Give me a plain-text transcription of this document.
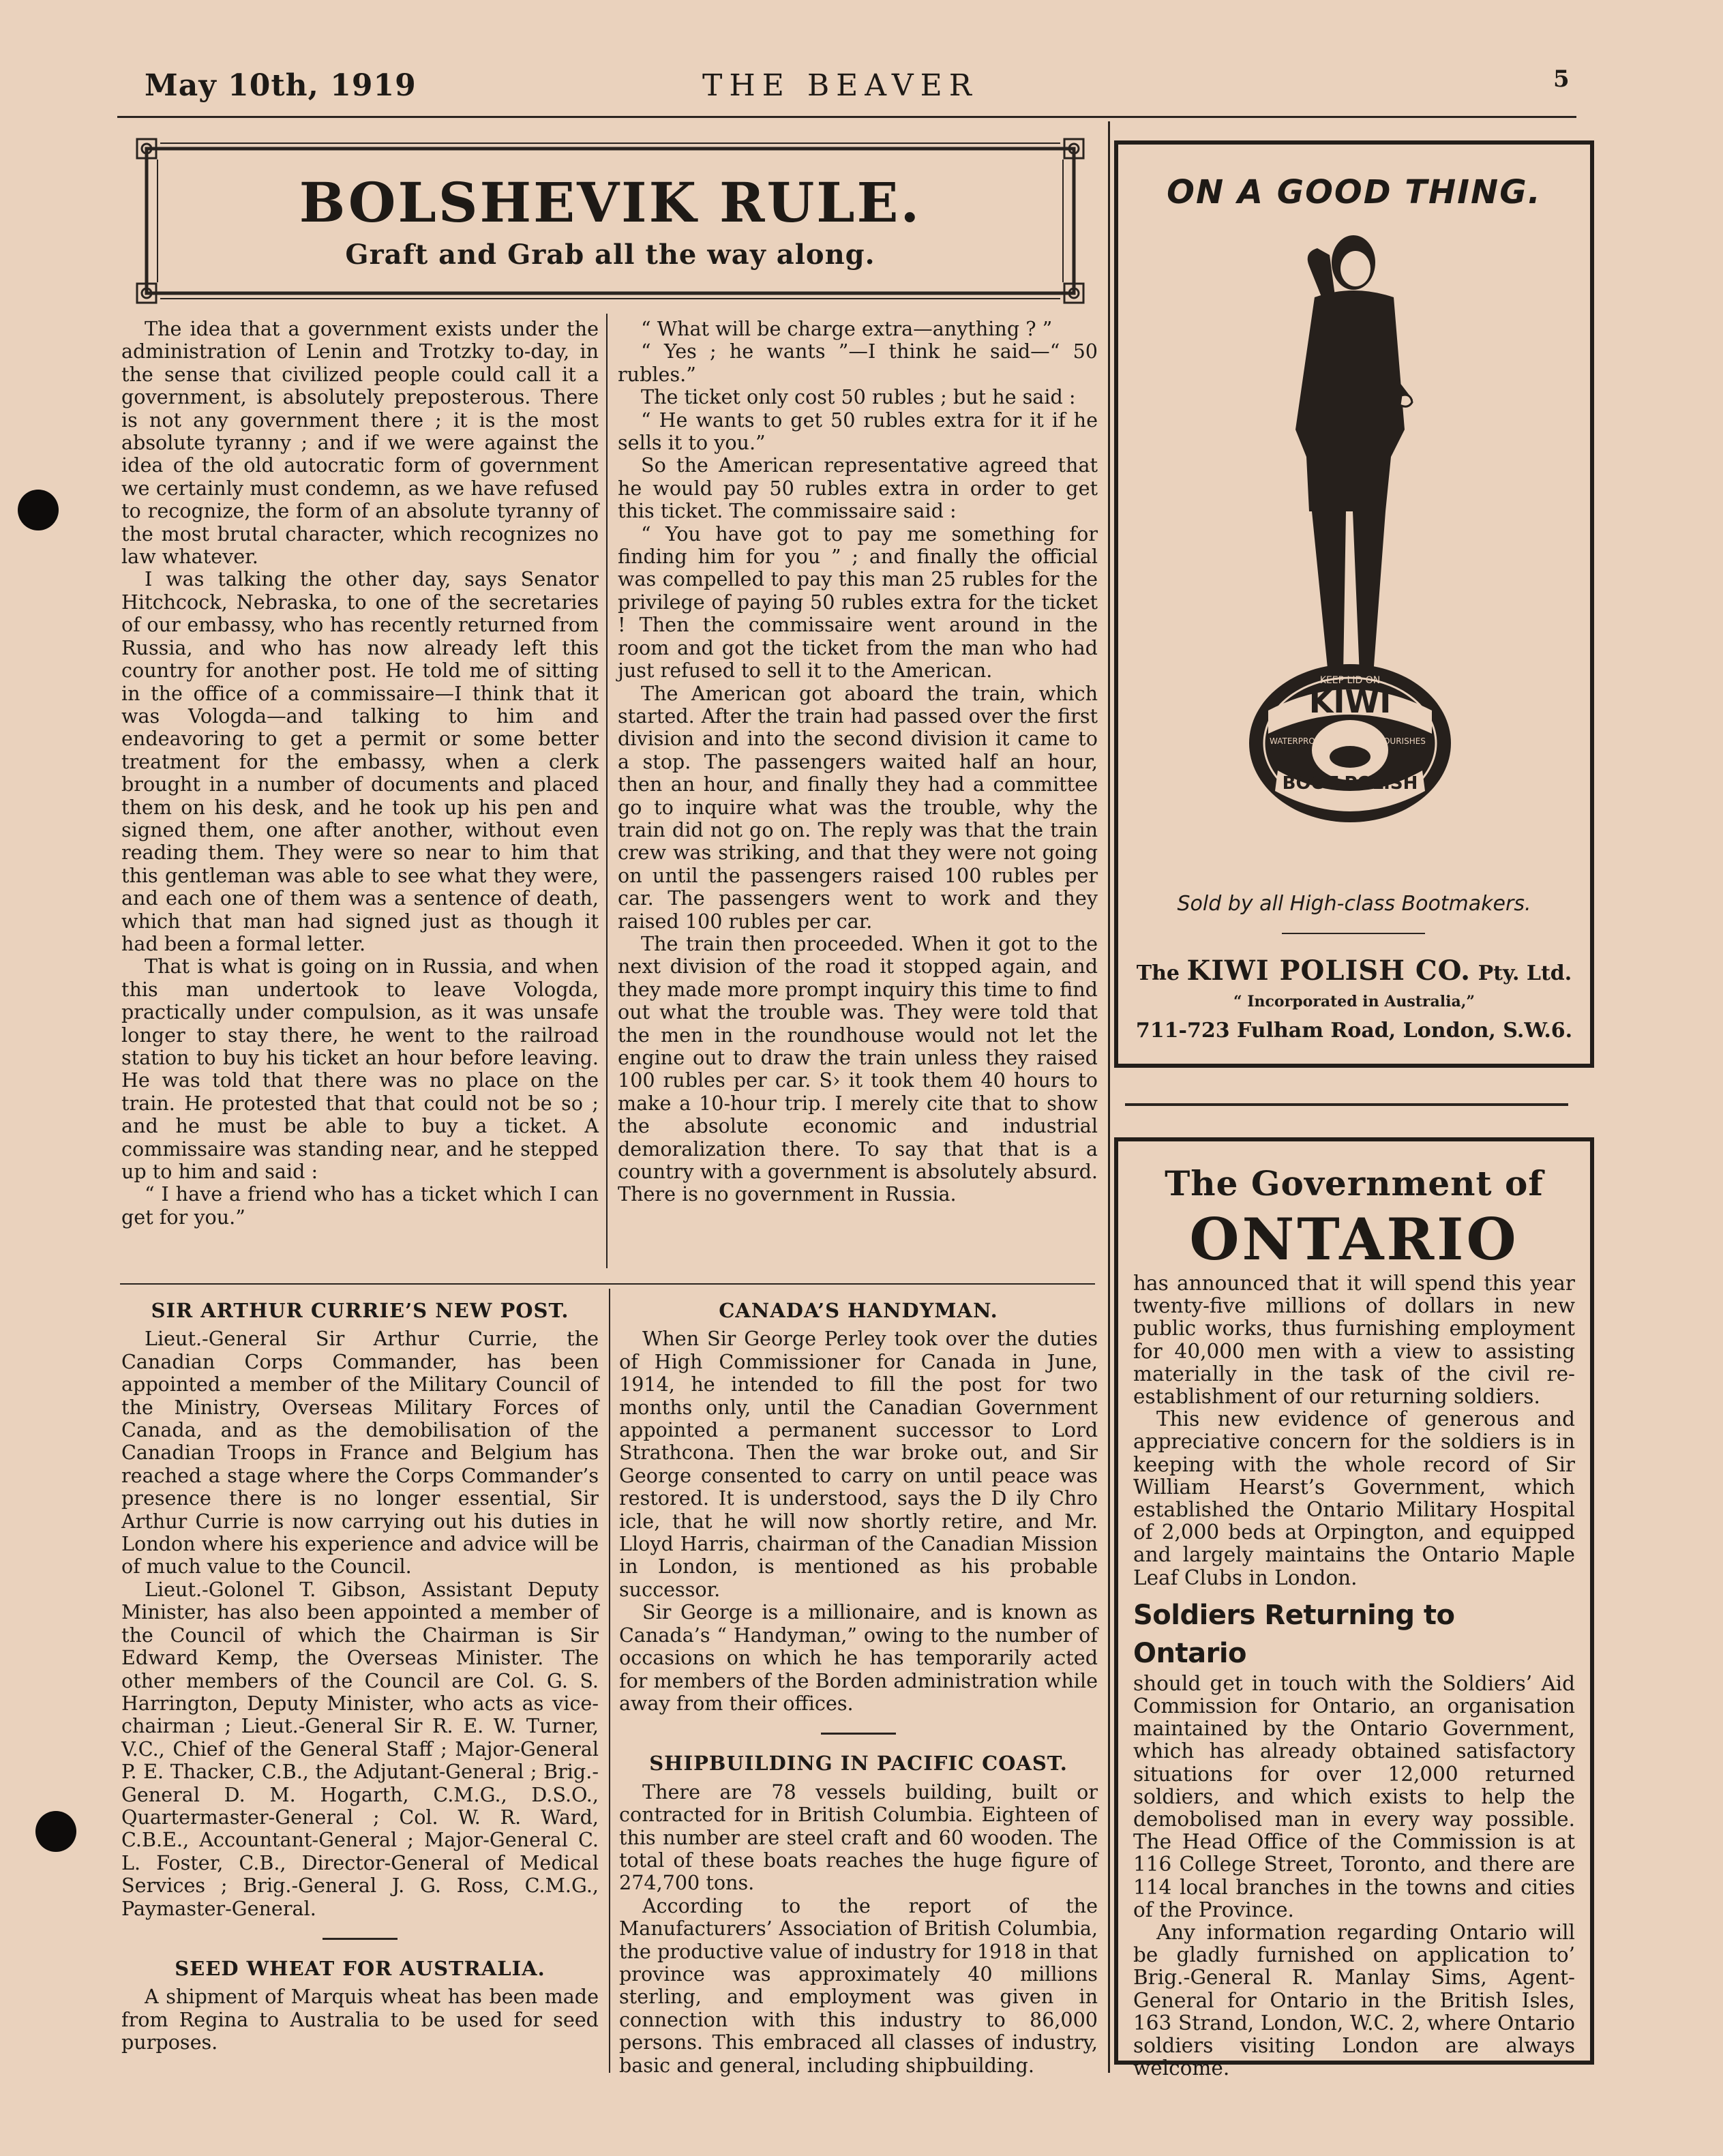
May 10th, 1919	THE BEAVER	5
BOLSHEVIK RULE.
Graft and Grab all the way along.

The idea that a government exists under the administration of Lenin and Trotzky to-day, in the sense that civilized people could call it a government, is absolutely preposterous. There is not any government there ; it is the most absolute tyranny ; and if we were against the idea of the old autocratic form of government we certainly must condemn, as we have refused to recognize, the form of an absolute tyranny of the most brutal character, which recognizes no law whatever.

I was talking the other day, says Senator Hitchcock, Nebraska, to one of the secretaries of our embassy, who has recently returned from Russia, and who has now already left this country for another post. He told me of sitting in the office of a commissaire—I think that it was Vologda—and talking to him and endeavoring to get a permit or some better treatment for the embassy, when a clerk brought in a number of documents and placed them on his desk, and he took up his pen and signed them, one after another, without even reading them. They were so near to him that this gentleman was able to see what they were, and each one of them was a sentence of death, which that man had signed just as though it had been a formal letter.

That is what is going on in Russia, and when this man undertook to leave Vologda, practically under compulsion, as it was unsafe longer to stay there, he went to the railroad station to buy his ticket an hour before leaving. He was told that there was no place on the train. He protested that that could not be so ; and he must be able to buy a ticket. A commissaire was standing near, and he stepped up to him and said :

“ I have a friend who has a ticket which I can get for you.”

“ What will be charge extra—anything ? ”

“ Yes ; he wants ”—I think he said—“ 50 rubles.”

The ticket only cost 50 rubles ; but he said :

“ He wants to get 50 rubles extra for it if he sells it to you.”

So the American representative agreed that he would pay 50 rubles extra in order to get this ticket. The commissaire said :

“ You have got to pay me something for finding him for you ” ; and finally the official was compelled to pay this man 25 rubles for the privilege of paying 50 rubles extra for the ticket ! Then the commissaire went around in the room and got the ticket from the man who had just refused to sell it to the American.

The American got aboard the train, which started. After the train had passed over the first division and into the second division it came to a stop. The passengers waited half an hour, then an hour, and finally they had a committee go to inquire what was the trouble, why the train did not go on. The reply was that the train crew was striking, and that they were not going on until the passengers raised 100 rubles per car. The passengers went to work and they raised 100 rubles per car.

The train then proceeded. When it got to the next division of the road it stopped again, and they made more prompt inquiry this time to find out what the trouble was. They were told that the men in the roundhouse would not let the engine out to draw the train unless they raised 100 rubles per car. S› it took them 40 hours to make a 10-hour trip. I merely cite that to show the absolute economic and industrial demoralization there. To say that that is a country with a government is absolutely absurd. There is no government in Russia.

SIR ARTHUR CURRIE’S NEW POST.

Lieut.-General Sir Arthur Currie, the Canadian Corps Commander, has been appointed a member of the Military Council of the Ministry, Overseas Military Forces of Canada, and as the demobilisation of the Canadian Troops in France and Belgium has reached a stage where the Corps Commander’s presence there is no longer essential, Sir Arthur Currie is now carrying out his duties in London where his experience and advice will be of much value to the Council.

Lieut.-Golonel T. Gibson, Assistant Deputy Minister, has also been appointed a member of the Council of which the Chairman is Sir Edward Kemp, the Overseas Minister. The other members of the Council are Col. G. S. Harrington, Deputy Minister, who acts as vice-chairman ; Lieut.-General Sir R. E. W. Turner, V.C., Chief of the General Staff ; Major-General P. E. Thacker, C.B., the Adjutant-General ; Brig.-General D. M. Hogarth, C.M.G., D.S.O., Quartermaster-General ; Col. W. R. Ward, C.B.E., Accountant-General ; Major-General C. L. Foster, C.B., Director-General of Medical Services ; Brig.-General J. G. Ross, C.M.G., Paymaster-General.

SEED WHEAT FOR AUSTRALIA.

A shipment of Marquis wheat has been made from Regina to Australia to be used for seed purposes.

CANADA’S HANDYMAN.

When Sir George Perley took over the duties of High Commissioner for Canada in June, 1914, he intended to fill the post for two months only, until the Canadian Government appointed a permanent successor to Lord Strathcona. Then the war broke out, and Sir George consented to carry on until peace was restored. It is understood, says the D ily Chro icle, that he will now shortly retire, and Mr. Lloyd Harris, chairman of the Canadian Mission in London, is mentioned as his probable successor.

Sir George is a millionaire, and is known as Canada’s “ Handyman,” owing to the number of occasions on which he has temporarily acted for members of the Borden administration while away from their offices.

SHIPBUILDING IN PACIFIC COAST.

There are 78 vessels building, built or contracted for in British Columbia. Eighteen of this number are steel craft and 60 wooden. The total of these boats reaches the huge figure of 274,700 tons.

According to the report of the Manufacturers’ Association of British Columbia, the productive value of industry for 1918 in that province was approximately 40 millions sterling, and employment was given in connection with this industry to 86,000 persons. This embraced all classes of industry, basic and general, including shipbuilding.

ON A GOOD THING.
KEEP LID ON
KIWI
WATERPROOF	NOURISHES
BOOT POLISH
Sold by all High-class Bootmakers.
The KIWI POLISH CO. Pty. Ltd.
“ Incorporated in Australia,”
711-723 Fulham Road, London, S.W.6.
The Government of
ONTARIO

has announced that it will spend this year twenty-five millions of dollars in new public works, thus furnishing employment for 40,000 men with a view to assisting materially in the task of the civil re-establishment of our returning soldiers.

This new evidence of generous and appreciative concern for the soldiers is in keeping with the whole record of Sir William Hearst’s Government, which established the Ontario Military Hospital of 2,000 beds at Orpington, and equipped and largely maintains the Ontario Maple Leaf Clubs in London.

Soldiers Returning to Ontario

should get in touch with the Soldiers’ Aid Commission for Ontario, an organisation maintained by the Ontario Government, which has already obtained satisfactory situations for over 12,000 returned soldiers, and which exists to help the demobolised man in every way possible. The Head Office of the Commission is at 116 College Street, Toronto, and there are 114 local branches in the towns and cities of the Province.

Any information regarding Ontario will be gladly furnished on application to’ Brig.-General R. Manlay Sims, Agent-General for Ontario in the British Isles, 163 Strand, London, W.C. 2, where Ontario soldiers visiting London are always welcome.
